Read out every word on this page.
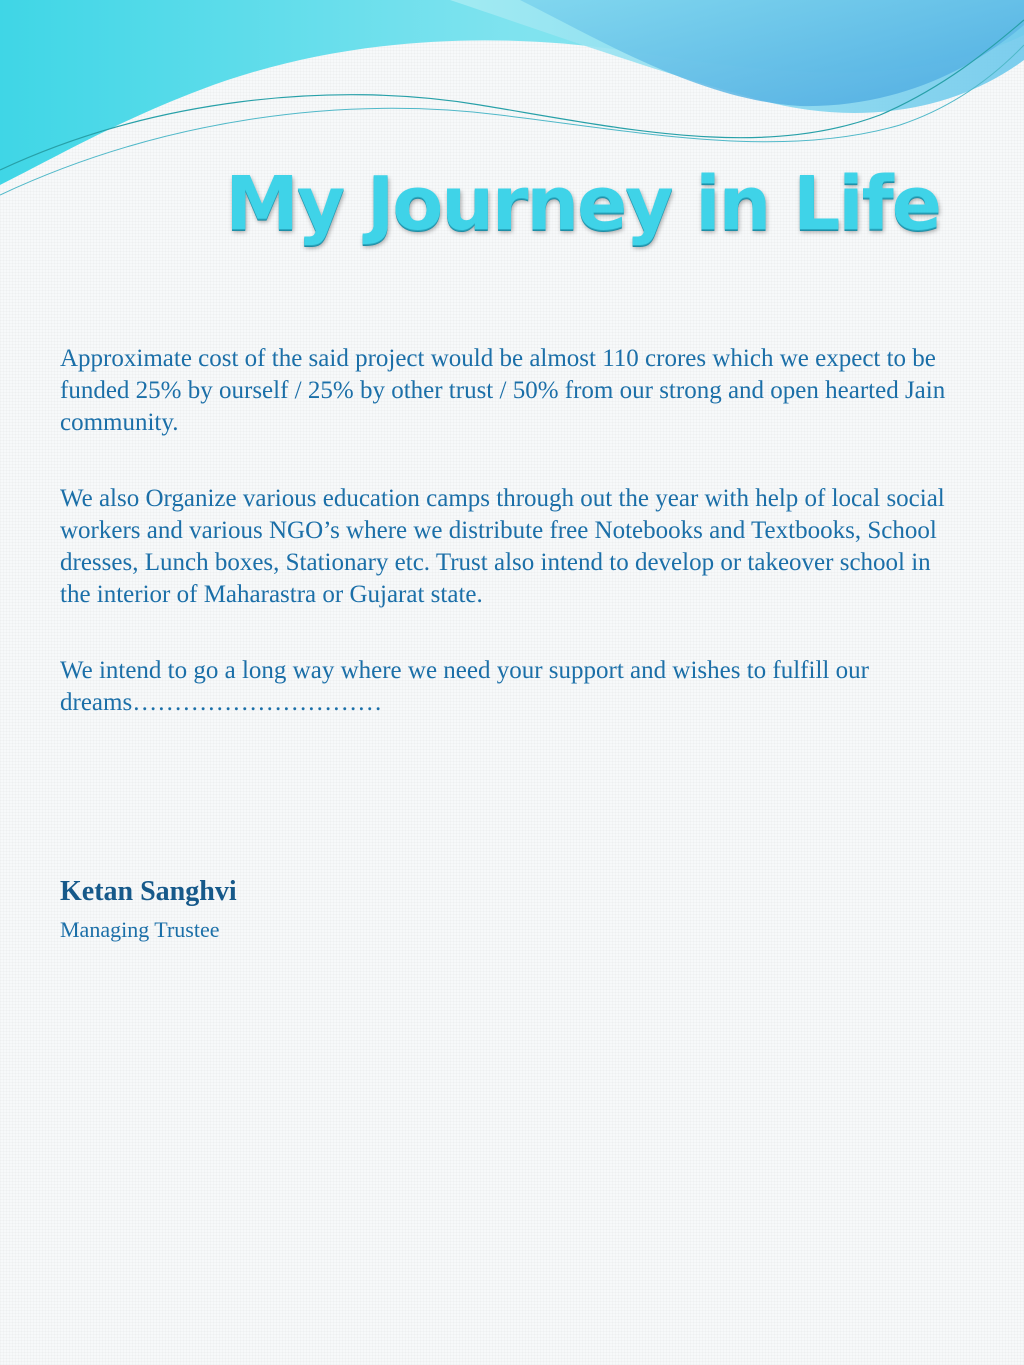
My Journey in Life

Approximate cost of the said project would be almost 110 crores which we expect to be funded 25% by ourself / 25% by other trust / 50% from our strong and open hearted Jain community.

We also Organize various education camps through out the year with help of local social workers and various NGO’s where we distribute free Notebooks and Textbooks, School dresses, Lunch boxes, Stationary etc. Trust also intend to develop or takeover school in the interior of Maharastra or Gujarat state.

We intend to go a long way where we need your support and wishes to fulfill our dreams…………………………

Ketan Sanghvi

Managing Trustee
